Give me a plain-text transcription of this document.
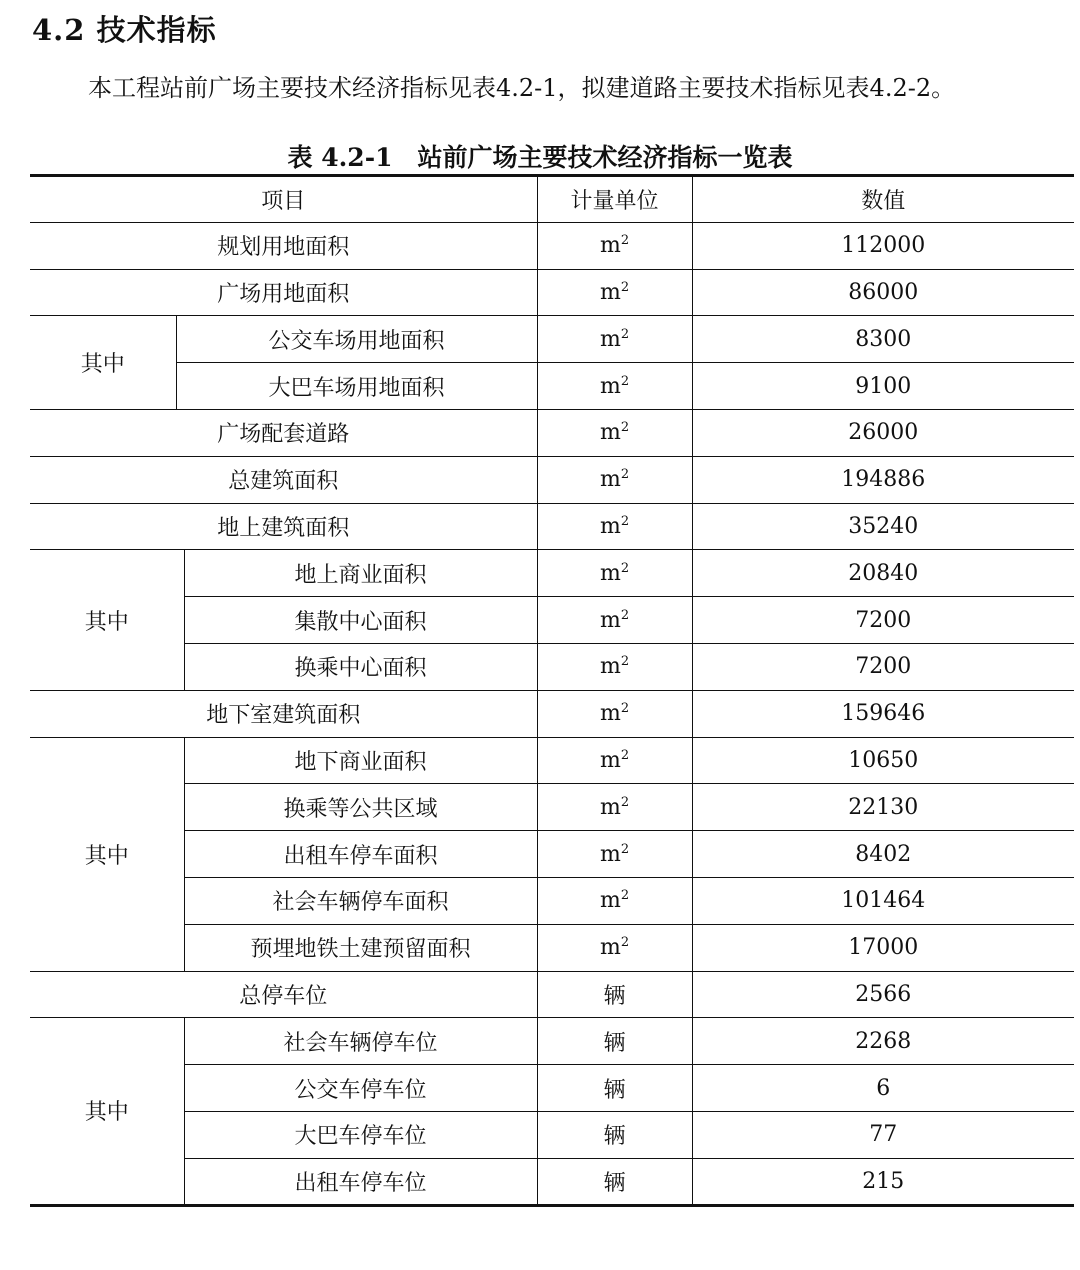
4.2 技术指标

本工程站前广场主要技术经济指标见表4.2-1，拟建道路主要技术指标见表4.2-2。

表 4.2-1　站前广场主要技术经济指标一览表
项目			计量单位	数值
规划用地面积			$m^2$	112000
广场用地面积			$m^2$	86000
其中	公交车场用地面积		$m^2$	8300
	大巴车场用地面积		$m^2$	9100
广场配套道路			$m^2$	26000
总建筑面积			$m^2$	194886
地上建筑面积			$m^2$	35240
其中		地上商业面积	$m^2$	20840
		集散中心面积	$m^2$	7200
		换乘中心面积	$m^2$	7200
地下室建筑面积			$m^2$	159646
其中		地下商业面积	$m^2$	10650
		换乘等公共区域	$m^2$	22130
		出租车停车面积	$m^2$	8402
		社会车辆停车面积	$m^2$	101464
		预埋地铁土建预留面积	$m^2$	17000
总停车位			辆	2566
其中		社会车辆停车位	辆	2268
		公交车停车位	辆	6
		大巴车停车位	辆	77
		出租车停车位	辆	215
